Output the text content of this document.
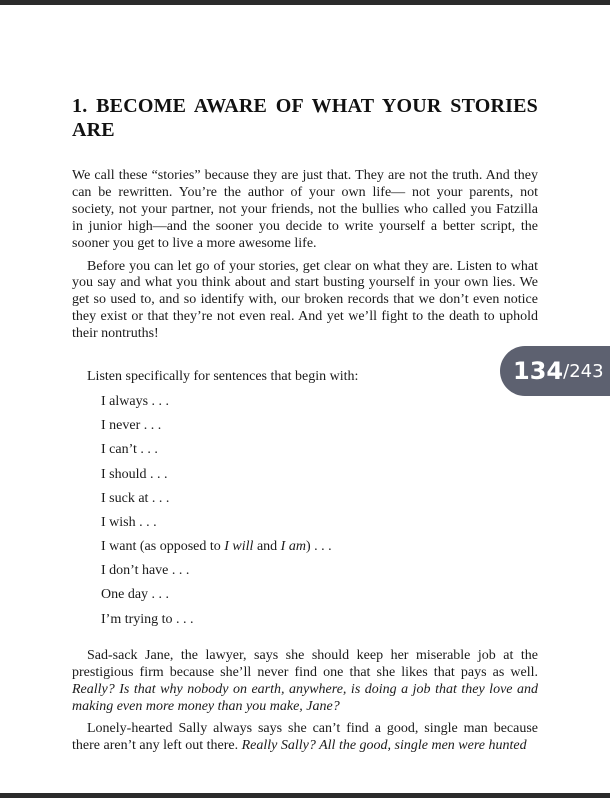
1. BECOME AWARE OF WHAT YOUR STORIES ARE

We call these “stories” because they are just that. They are not the truth. And they can be rewritten. You’re the author of your own life— not your parents, not society, not your partner, not your friends, not the bullies who called you Fatzilla in junior high—and the sooner you decide to write yourself a better script, the sooner you get to live a more awesome life.

Before you can let go of your stories, get clear on what they are. Listen to what you say and what you think about and start busting yourself in your own lies. We get so used to, and so identify with, our broken records that we don’t even notice they exist or that they’re not even real. And yet we’ll fight to the death to uphold their nontruths!

Listen specifically for sentences that begin with:

I always . . .
I never . . .
I can’t . . .
I should . . .
I suck at . . .
I wish . . .
I want (as opposed to I will and I am) . . .
I don’t have . . .
One day . . .
I’m trying to . . .

Sad-sack Jane, the lawyer, says she should keep her miserable job at the prestigious firm because she’ll never find one that she likes that pays as well. Really? Is that why nobody on earth, anywhere, is doing a job that they love and making even more money than you make, Jane?

Lonely-hearted Sally always says she can’t find a good, single man because there aren’t any left out there. Really Sally? All the good, single men were hunted

134 / 243
